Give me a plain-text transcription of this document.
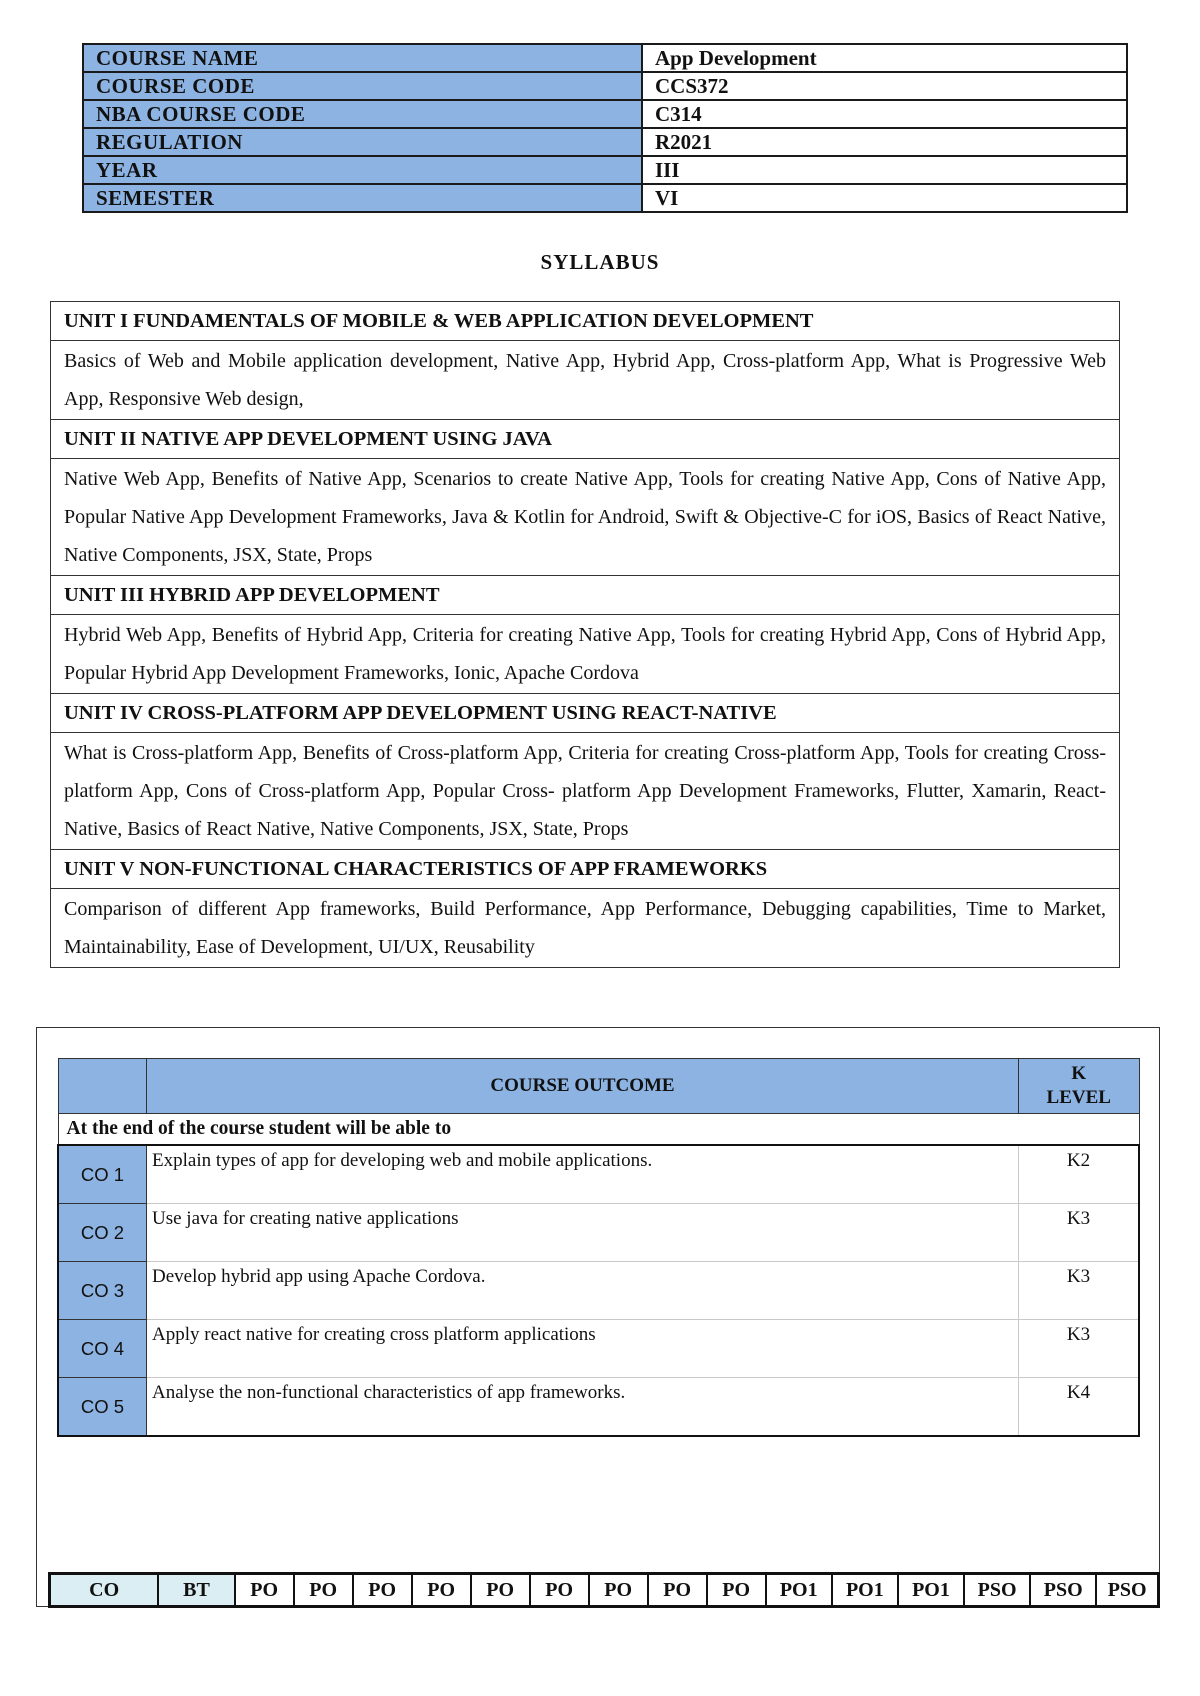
COURSE NAME	App Development
COURSE CODE	CCS372
NBA COURSE CODE	C314
REGULATION	R2021
YEAR	III
SEMESTER	VI
SYLLABUS
UNIT I FUNDAMENTALS OF MOBILE & WEB APPLICATION DEVELOPMENT
Basics of Web and Mobile application development, Native App, Hybrid App, Cross-platform App, What is Progressive Web App, Responsive Web design,
UNIT II NATIVE APP DEVELOPMENT USING JAVA
Native Web App, Benefits of Native App, Scenarios to create Native App, Tools for creating Native App, Cons of Native App, Popular Native App Development Frameworks, Java & Kotlin for Android, Swift & Objective-C for iOS, Basics of React Native, Native Components, JSX, State, Props
UNIT III HYBRID APP DEVELOPMENT
Hybrid Web App, Benefits of Hybrid App, Criteria for creating Native App, Tools for creating Hybrid App, Cons of Hybrid App, Popular Hybrid App Development Frameworks, Ionic, Apache Cordova
UNIT IV CROSS-PLATFORM APP DEVELOPMENT USING REACT-NATIVE
What is Cross-platform App, Benefits of Cross-platform App, Criteria for creating Cross-platform App, Tools for creating Cross-platform App, Cons of Cross-platform App, Popular Cross- platform App Development Frameworks, Flutter, Xamarin, React-Native, Basics of React Native, Native Components, JSX, State, Props
UNIT V NON-FUNCTIONAL CHARACTERISTICS OF APP FRAMEWORKS
Comparison of different App frameworks, Build Performance, App Performance, Debugging capabilities, Time to Market, Maintainability, Ease of Development, UI/UX, Reusability
	COURSE OUTCOME	K
LEVEL
At the end of the course student will be able to		
CO 1	Explain types of app for developing web and mobile applications.	K2
CO 2	Use java for creating native applications	K3
CO 3	Develop hybrid app using Apache Cordova.	K3
CO 4	Apply react native for creating cross platform applications	K3
CO 5	Analyse the non-functional characteristics of app frameworks.	K4
CO	BT	PO	PO	PO	PO	PO	PO	PO	PO	PO	PO1	PO1	PO1	PSO	PSO	PSO
